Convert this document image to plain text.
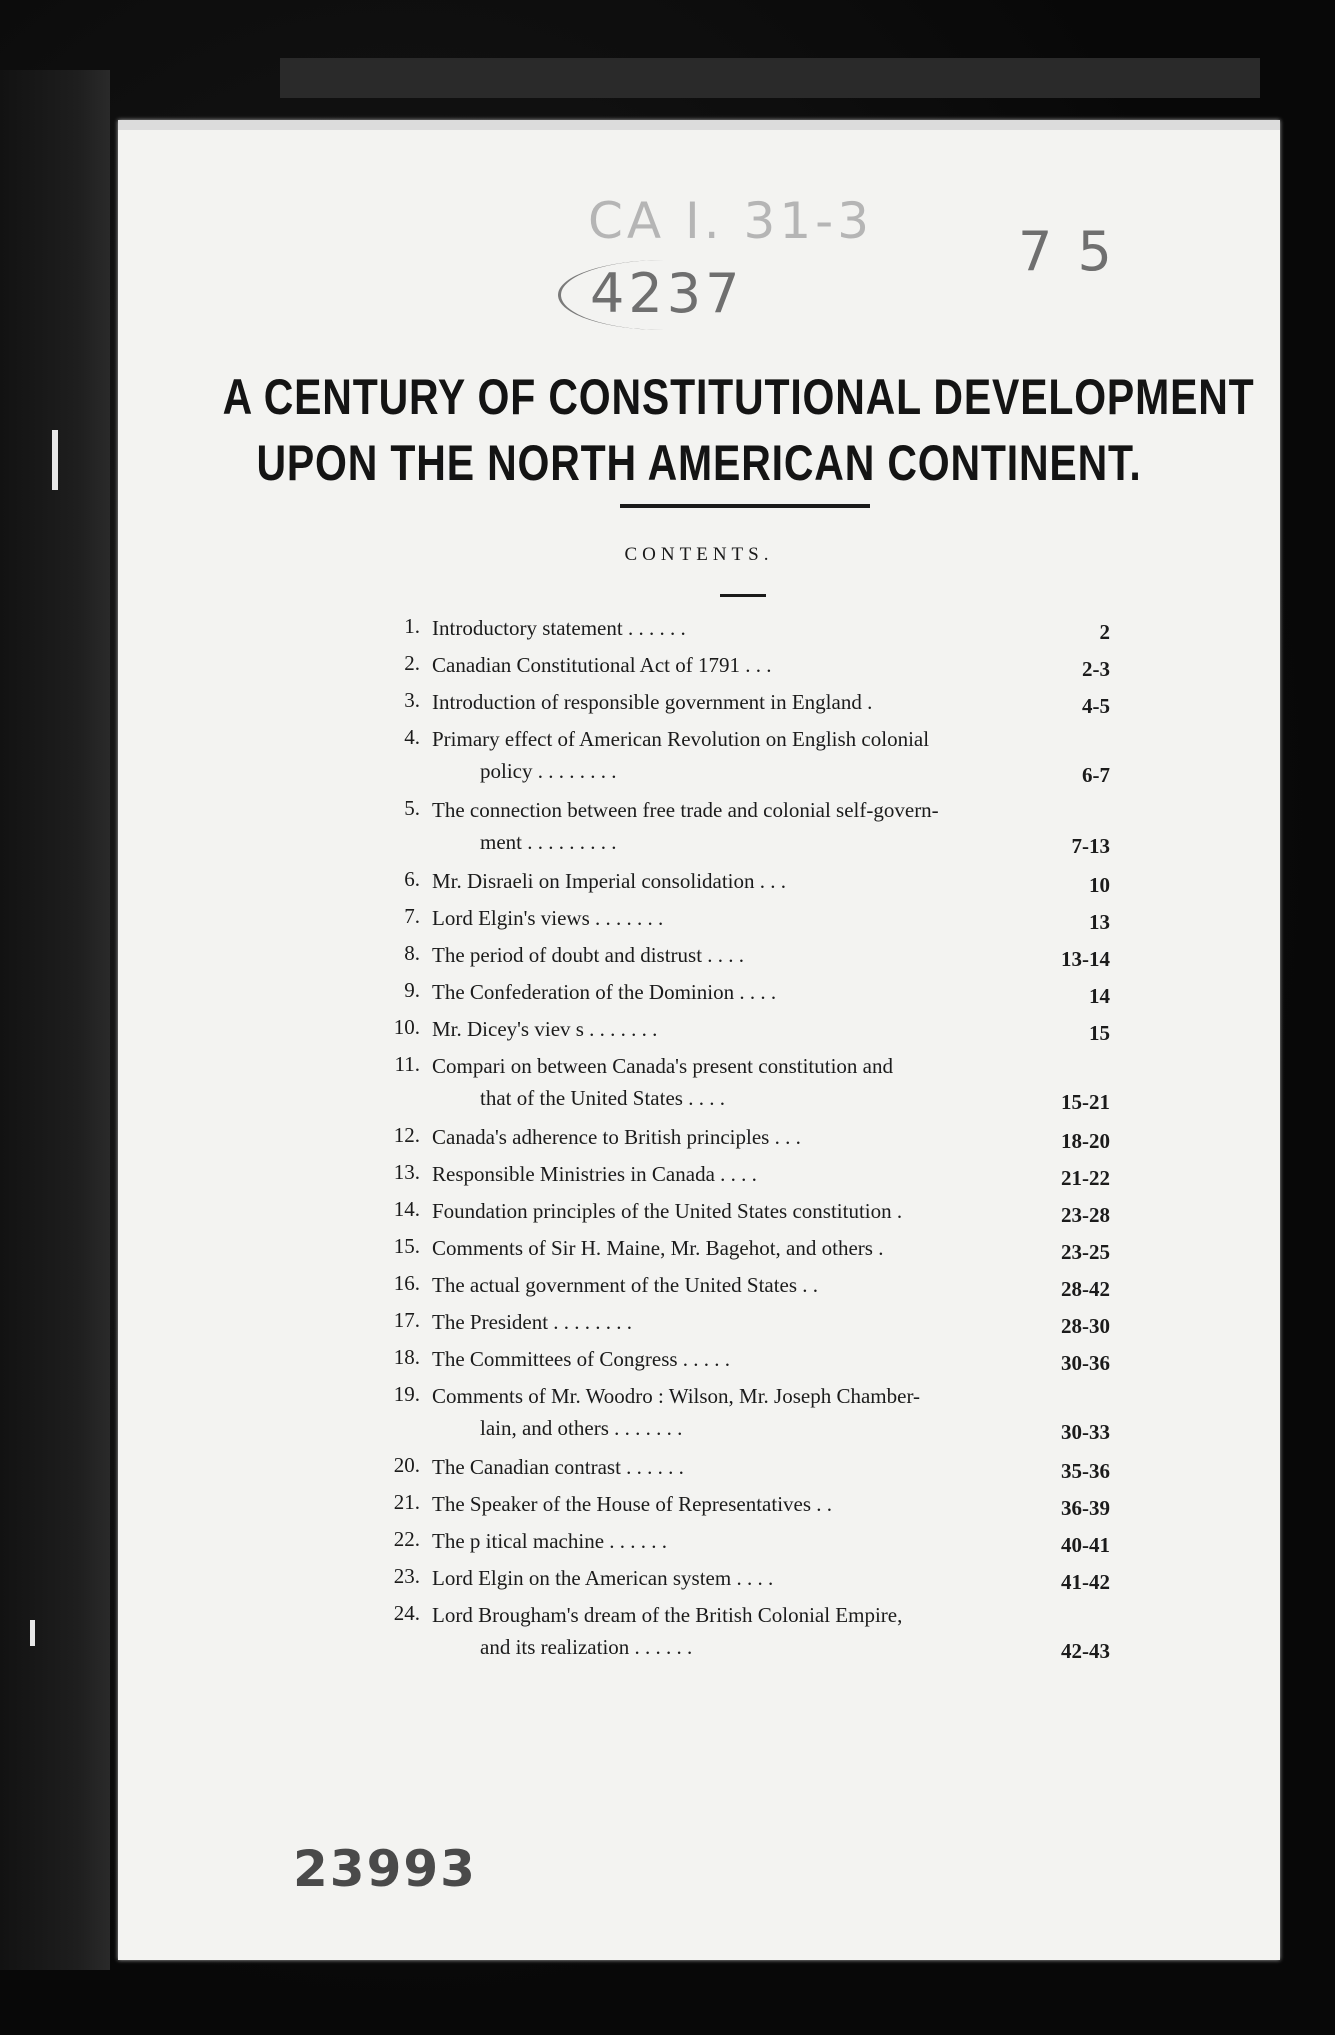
CA I. 31-3
4237
7 5
A CENTURY OF CONSTITUTIONAL DEVELOPMENT
UPON THE NORTH AMERICAN CONTINENT.
CONTENTS.
1. Introductory statement . . . . . .	2
2. Canadian Constitutional Act of 1791 . . .	2-3
3. Introduction of responsible government in England .	4-5
4. Primary effect of American Revolution on English colonial
policy . . . . . . . .	6-7
5. The connection between free trade and colonial self-govern-
ment . . . . . . . . .	7-13
6. Mr. Disraeli on Imperial consolidation . . .	10
7. Lord Elgin's views . . . . . . .	13
8. The period of doubt and distrust . . . .	13-14
9. The Confederation of the Dominion . . . .	14
10. Mr. Dicey's viev s . . . . . . .	15
11. Compari on between Canada's present constitution and
that of the United States . . . .	15-21
12. Canada's adherence to British principles . . .	18-20
13. Responsible Ministries in Canada . . . .	21-22
14. Foundation principles of the United States constitution .	23-28
15. Comments of Sir H. Maine, Mr. Bagehot, and others .	23-25
16. The actual government of the United States . .	28-42
17. The President . . . . . . . .	28-30
18. The Committees of Congress . . . . .	30-36
19. Comments of Mr. Woodro : Wilson, Mr. Joseph Chamber-
lain, and others . . . . . . .	30-33
20. The Canadian contrast . . . . . .	35-36
21. The Speaker of the House of Representatives . .	36-39
22. The p itical machine . . . . . .	40-41
23. Lord Elgin on the American system . . . .	41-42
24. Lord Brougham's dream of the British Colonial Empire,
and its realization . . . . . .	42-43
23993
